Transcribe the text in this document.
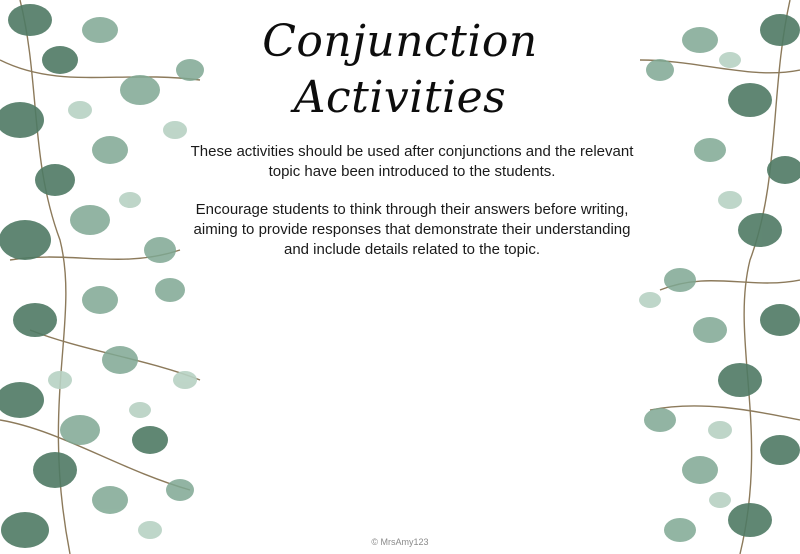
Conjunction
Activities

These activities should be used after conjunctions and the relevant topic have been introduced to the students.

Encourage students to think through their answers before writing, aiming to provide responses that demonstrate their understanding and include details related to the topic.

© MrsAmy123
